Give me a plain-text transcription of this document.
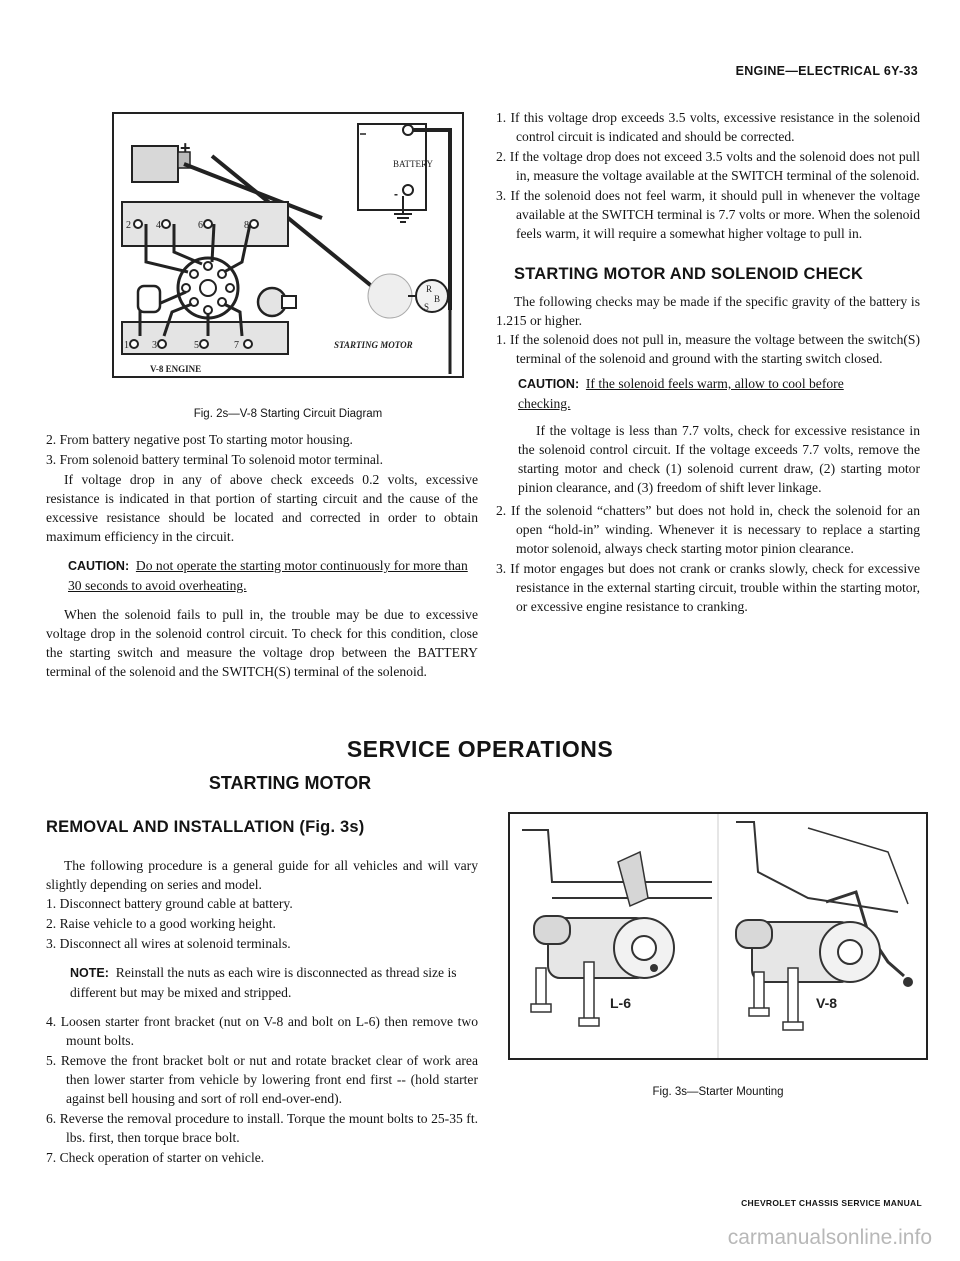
ENGINE—ELECTRICAL 6Y-33
+
BATTERY
-
V-8 ENGINE
STARTING MOTOR
R
B
S
2	4	6	8
1 3	5	7
Fig. 2s—V-8 Starting Circuit Diagram

2. From battery negative post To starting motor housing.

3. From solenoid battery terminal To solenoid motor terminal.

If voltage drop in any of above check exceeds 0.2 volts, excessive resistance is indicated in that portion of starting circuit and the cause of the excessive resistance should be located and corrected in order to obtain maximum efficiency in the circuit.

CAUTION: Do not operate the starting motor continuously for more than 30 seconds to avoid overheating.

When the solenoid fails to pull in, the trouble may be due to excessive voltage drop in the solenoid control circuit. To check for this condition, close the starting switch and measure the voltage drop between the BATTERY terminal of the solenoid and the SWITCH(S) terminal of the solenoid.

1. If this voltage drop exceeds 3.5 volts, excessive resistance in the solenoid control circuit is indicated and should be corrected.

2. If the voltage drop does not exceed 3.5 volts and the solenoid does not pull in, measure the voltage available at the SWITCH terminal of the solenoid.

3. If the solenoid does not feel warm, it should pull in whenever the voltage available at the SWITCH terminal is 7.7 volts or more. When the solenoid feels warm, it will require a somewhat higher voltage to pull in.

STARTING MOTOR AND SOLENOID CHECK

The following checks may be made if the specific gravity of the battery is 1.215 or higher.

1. If the solenoid does not pull in, measure the voltage between the switch(S) terminal of the solenoid and ground with the starting switch closed.

CAUTION: If the solenoid feels warm, allow to cool before checking.

If the voltage is less than 7.7 volts, check for excessive resistance in the solenoid control circuit. If the voltage exceeds 7.7 volts, remove the starting motor and check (1) solenoid current draw, (2) starting motor pinion clearance, and (3) freedom of shift lever linkage.

2. If the solenoid “chatters” but does not hold in, check the solenoid for an open “hold-in” winding. Whenever it is necessary to replace a starting motor solenoid, always check starting motor pinion clearance.

3. If motor engages but does not crank or cranks slowly, check for excessive resistance in the external starting circuit, trouble within the starting motor, or excessive engine resistance to cranking.

SERVICE OPERATIONS
STARTING MOTOR
REMOVAL AND INSTALLATION (Fig. 3s)

The following procedure is a general guide for all vehicles and will vary slightly depending on series and model.

1. Disconnect battery ground cable at battery.

2. Raise vehicle to a good working height.

3. Disconnect all wires at solenoid terminals.

NOTE: Reinstall the nuts as each wire is disconnected as thread size is different but may be mixed and stripped.

4. Loosen starter front bracket (nut on V-8 and bolt on L-6) then remove two mount bolts.

5. Remove the front bracket bolt or nut and rotate bracket clear of work area then lower starter from vehicle by lowering front end first -- (hold starter against bell housing and sort of roll end-over-end).

6. Reverse the removal procedure to install. Torque the mount bolts to 25-35 ft. lbs. first, then torque brace bolt.

7. Check operation of starter on vehicle.

L-6	V-8
Fig. 3s—Starter Mounting
CHEVROLET CHASSIS SERVICE MANUAL
carmanualsonline.info
